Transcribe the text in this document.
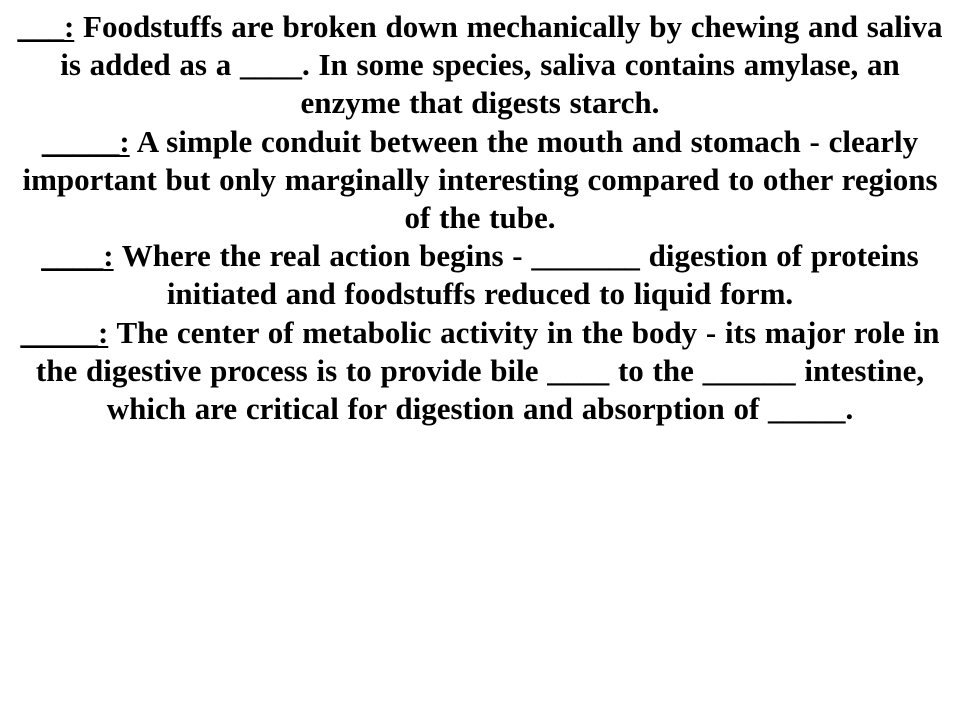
___: Foodstuffs are broken down mechanically by chewing and saliva is added as a ____. In some species, saliva contains amylase, an enzyme that digests starch.

_____: A simple conduit between the mouth and stomach - clearly important but only marginally interesting compared to other regions of the tube.

____: Where the real action begins - _______ digestion of proteins initiated and foodstuffs reduced to liquid form.

_____: The center of metabolic activity in the body - its major role in the digestive process is to provide bile ____ to the ______ intestine, which are critical for digestion and absorption of _____.
